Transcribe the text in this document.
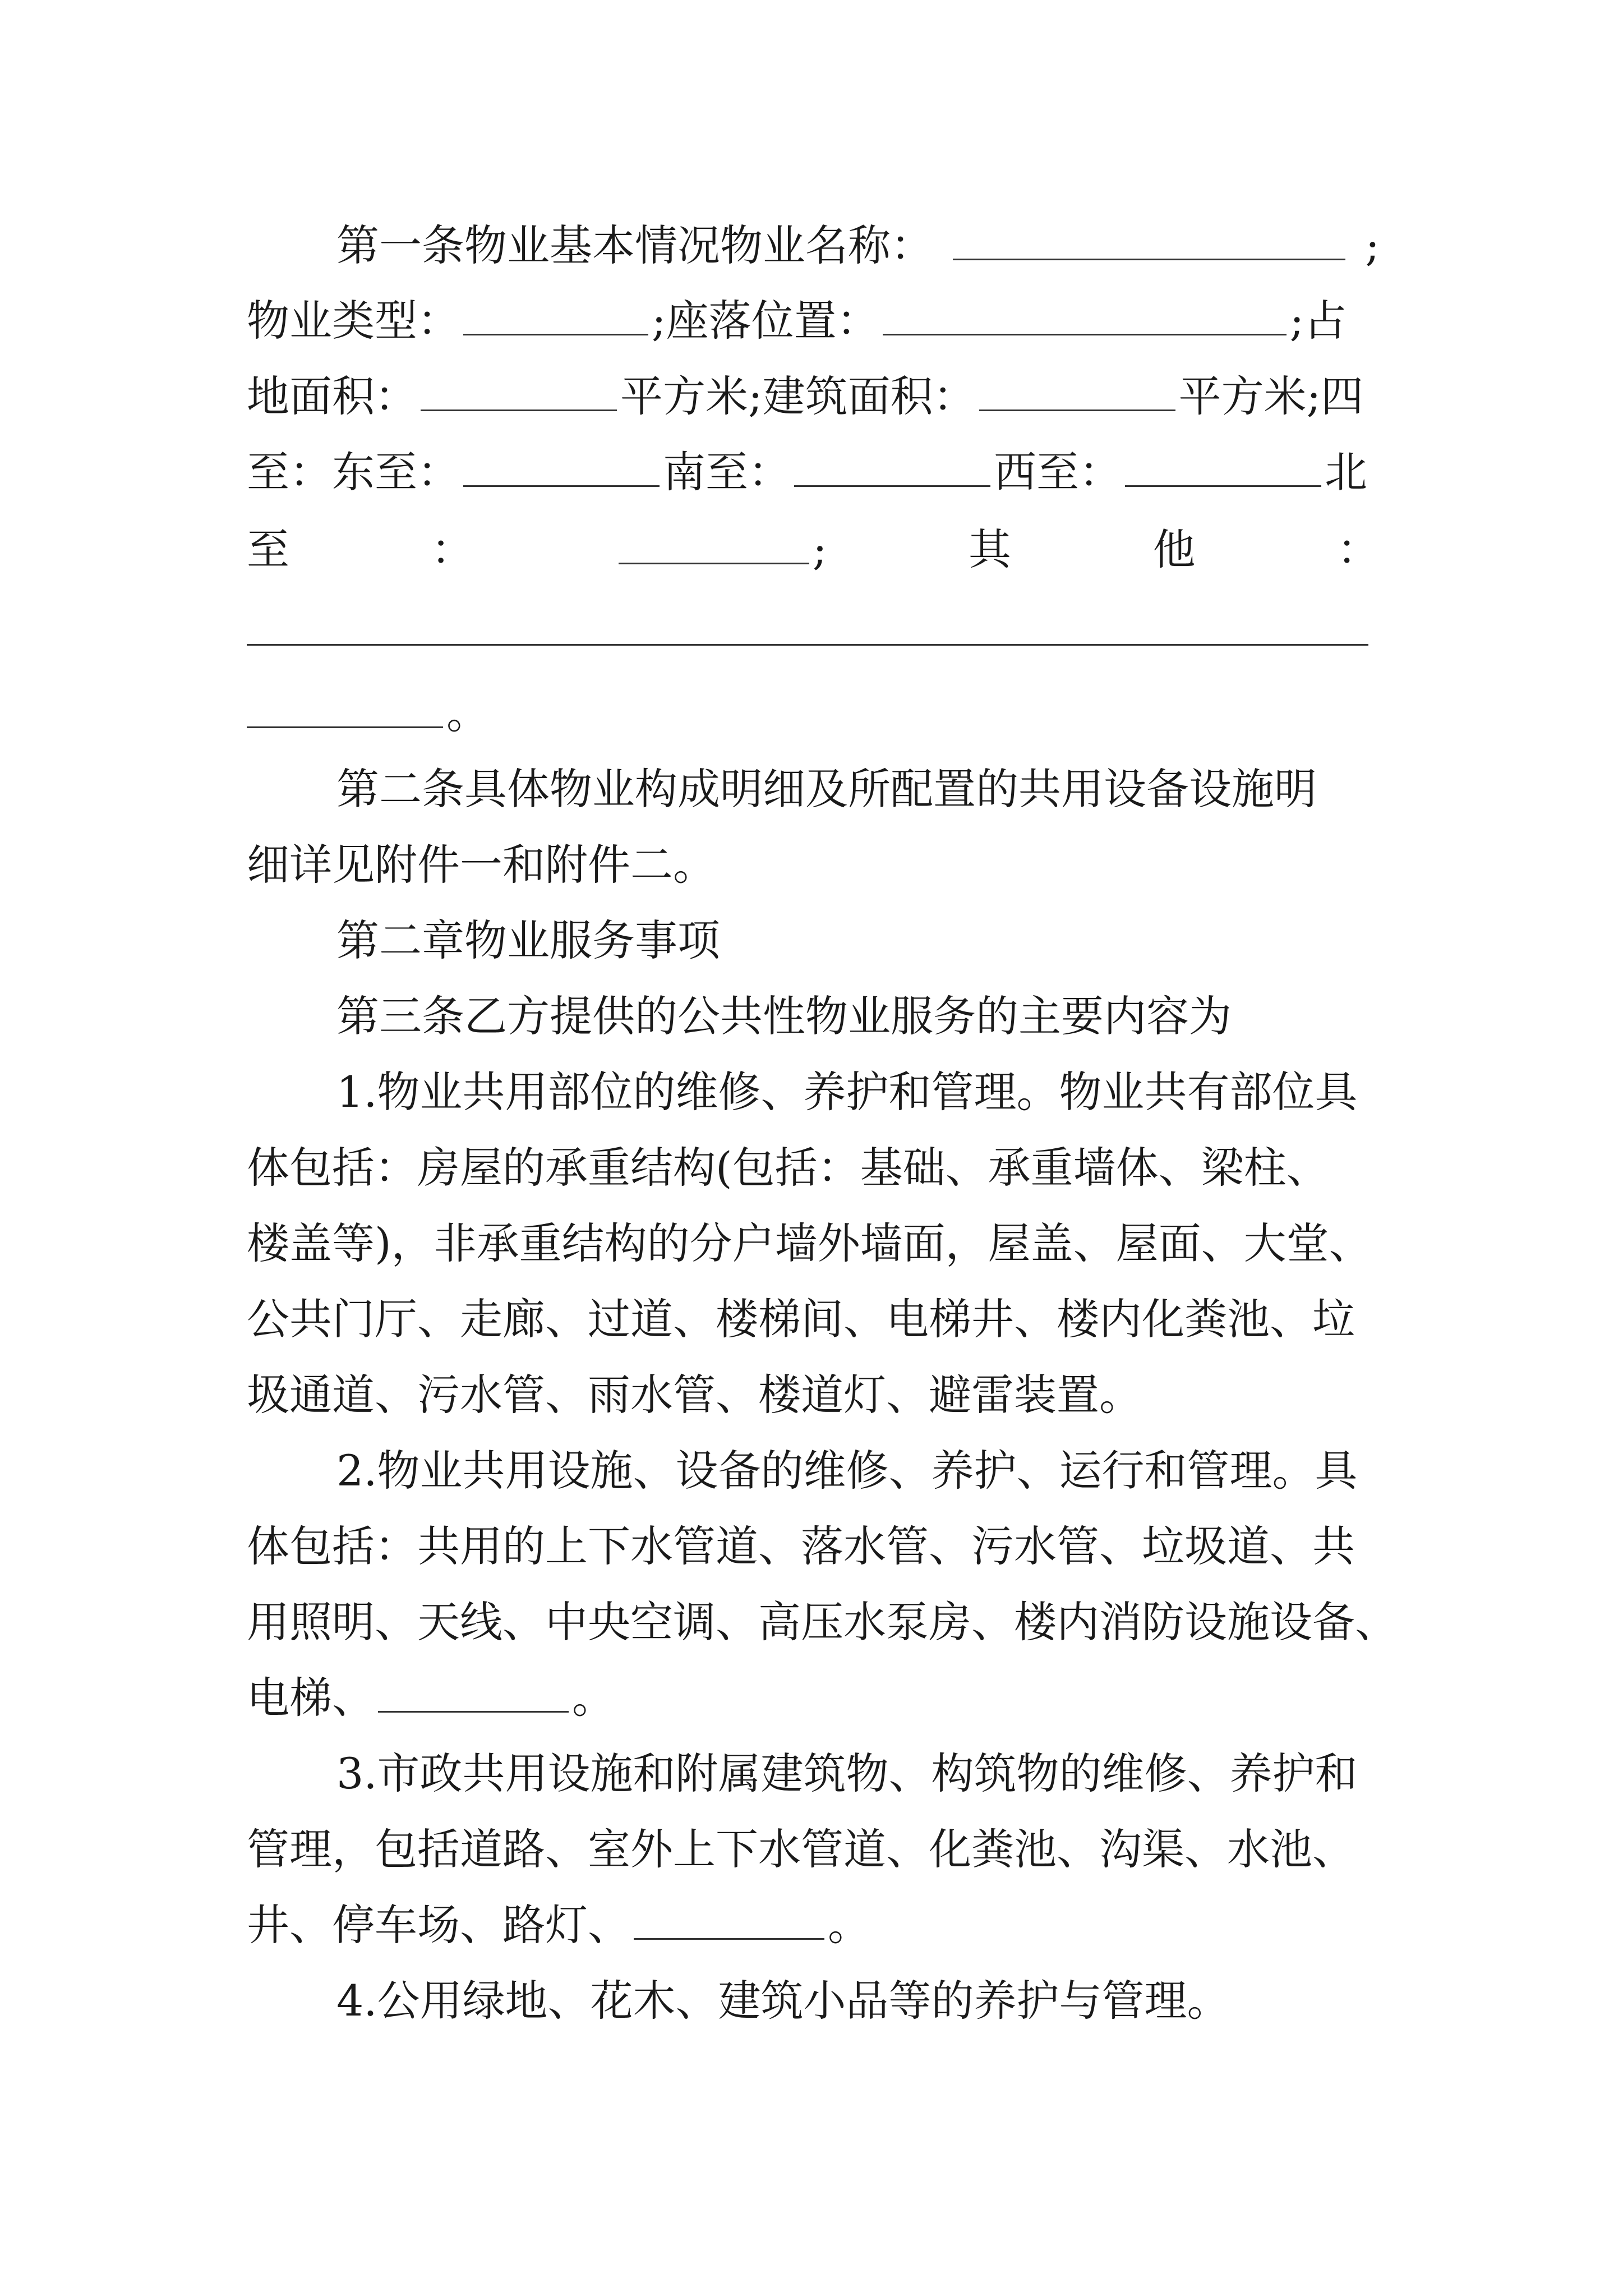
第一条物业基本情况物业名称：	;
物业类型：	;座落位置：	;占
地面积：	平方米;建筑面积：	平方米;四
至：东至：	南至：	西至：	北
至	：	;	其	他	：
。
第二条具体物业构成明细及所配置的共用设备设施明
细详见附件一和附件二。
第二章物业服务事项
第三条乙方提供的公共性物业服务的主要内容为
1.物业共用部位的维修、养护和管理。物业共有部位具
体包括：房屋的承重结构(包括：基础、承重墙体、梁柱、
楼盖等)，非承重结构的分户墙外墙面，屋盖、屋面、大堂、
公共门厅、走廊、过道、楼梯间、电梯井、楼内化粪池、垃
圾通道、污水管、雨水管、楼道灯、避雷装置。
2.物业共用设施、设备的维修、养护、运行和管理。具
体包括：共用的上下水管道、落水管、污水管、垃圾道、共
用照明、天线、中央空调、高压水泵房、楼内消防设施设备、
电梯、	。
3.市政共用设施和附属建筑物、构筑物的维修、养护和
管理，包括道路、室外上下水管道、化粪池、沟渠、水池、
井、停车场、路灯、	。
4.公用绿地、花木、建筑小品等的养护与管理。
